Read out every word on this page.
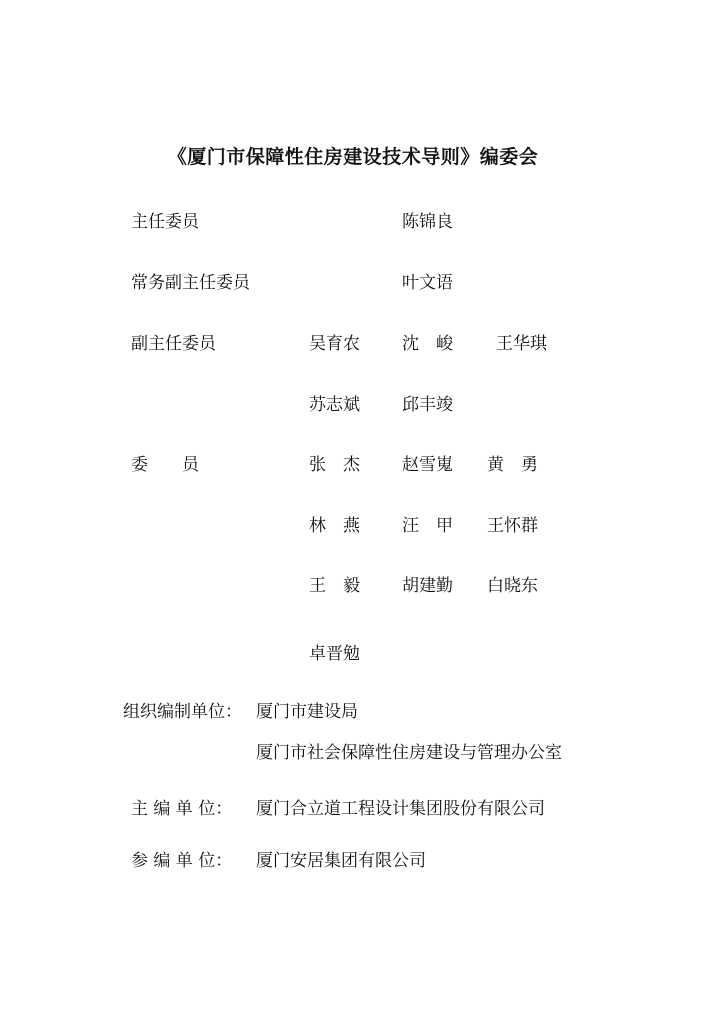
《厦门市保障性住房建设技术导则》编委会
主任委员	陈锦良
常务副主任委员	叶文语
副主任委员	吴育农 沈　峻	王华琪
苏志斌 邱丰竣
委　　员	张　杰 赵雪嵬 黄　勇
林　燕 汪　甲 王怀群
王　毅 胡建勤 白晓东
卓晋勉
组织编制单位： 厦门市建设局
厦门市社会保障性住房建设与管理办公室
主 编 单 位： 厦门合立道工程设计集团股份有限公司
参 编 单 位： 厦门安居集团有限公司
